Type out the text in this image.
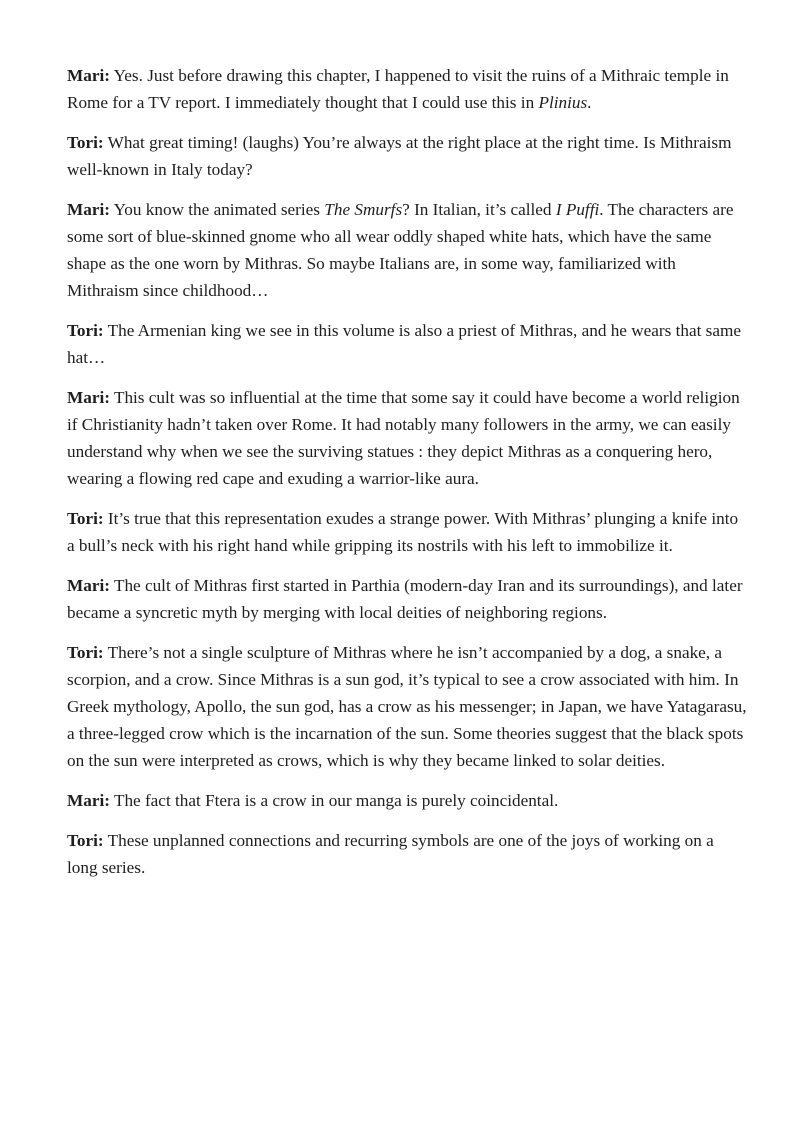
Mari: Yes. Just before drawing this chapter, I happened to visit the ruins of a Mithraic temple in Rome for a TV report. I immediately thought that I could use this in Plinius.

Tori: What great timing! (laughs) You’re always at the right place at the right time. Is Mithraism well-known in Italy today?

Mari: You know the animated series The Smurfs? In Italian, it’s called I Puffi. The characters are some sort of blue-skinned gnome who all wear oddly shaped white hats, which have the same shape as the one worn by Mithras. So maybe Italians are, in some way, familiarized with Mithraism since childhood…

Tori: The Armenian king we see in this volume is also a priest of Mithras, and he wears that same hat…

Mari: This cult was so influential at the time that some say it could have become a world religion if Christianity hadn’t taken over Rome. It had notably many followers in the army, we can easily understand why when we see the surviving statues : they depict Mithras as a conquering hero, wearing a flowing red cape and exuding a warrior-like aura.

Tori: It’s true that this representation exudes a strange power. With Mithras’ plunging a knife into a bull’s neck with his right hand while gripping its nostrils with his left to immobilize it.

Mari: The cult of Mithras first started in Parthia (modern-day Iran and its surroundings), and later became a syncretic myth by merging with local deities of neighboring regions.

Tori: There’s not a single sculpture of Mithras where he isn’t accompanied by a dog, a snake, a scorpion, and a crow. Since Mithras is a sun god, it’s typical to see a crow associated with him. In Greek mythology, Apollo, the sun god, has a crow as his messenger; in Japan, we have Yatagarasu, a three-legged crow which is the incarnation of the sun. Some theories suggest that the black spots on the sun were interpreted as crows, which is why they became linked to solar deities.

Mari: The fact that Ftera is a crow in our manga is purely coincidental.

Tori: These unplanned connections and recurring symbols are one of the joys of working on a long series.
